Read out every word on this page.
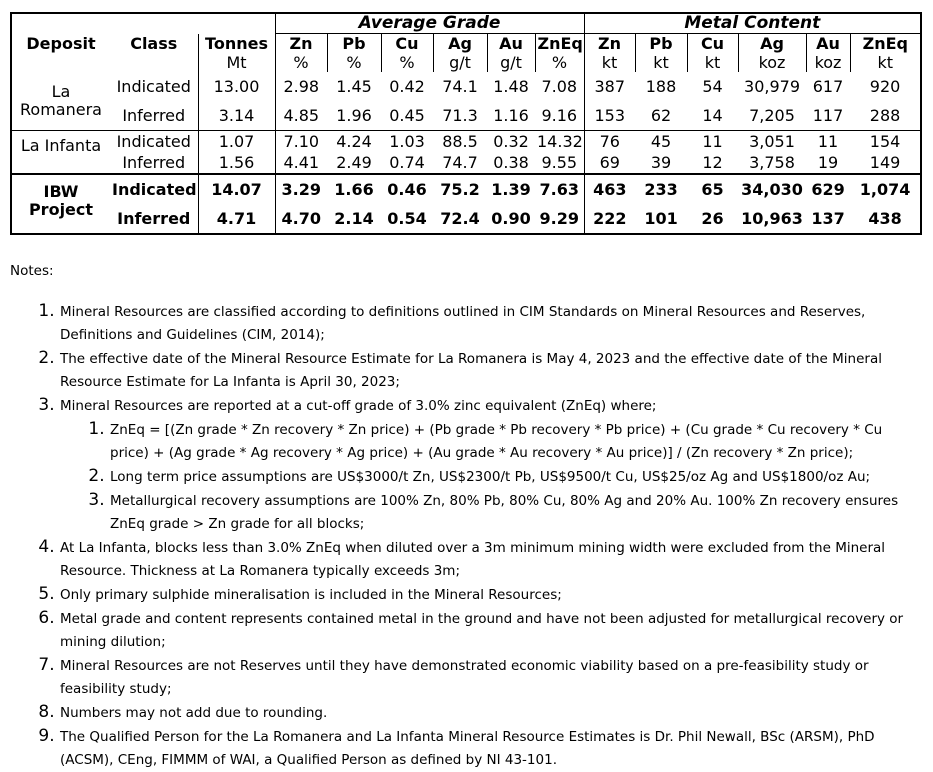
			Average Grade						Metal Content					
Deposit	Class	Tonnes	Zn	Pb	Cu	Ag	Au	ZnEq	Zn	Pb	Cu	Ag	Au	ZnEq
		Mt	%	%	%	g/t	g/t	%	kt	kt	kt	koz	koz	kt
La Romanera	Indicated	13.00	2.98	1.45	0.42	74.1	1.48	7.08	387	188	54	30,979	617	920
	Inferred	3.14	4.85	1.96	0.45	71.3	1.16	9.16	153	62	14	7,205	117	288
La Infanta	Indicated	1.07	7.10	4.24	1.03	88.5	0.32	14.32	76	45	11	3,051	11	154
	Inferred	1.56	4.41	2.49	0.74	74.7	0.38	9.55	69	39	12	3,758	19	149
IBW Project	Indicated	14.07	3.29	1.66	0.46	75.2	1.39	7.63	463	233	65	34,030	629	1,074
	Inferred	4.71	4.70	2.14	0.54	72.4	0.90	9.29	222	101	26	10,963	137	438
Notes:
1. Mineral Resources are classified according to definitions outlined in CIM Standards on Mineral Resources and Reserves, Definitions and Guidelines (CIM, 2014);
2. The effective date of the Mineral Resource Estimate for La Romanera is May 4, 2023 and the effective date of the Mineral Resource Estimate for La Infanta is April 30, 2023;
3. Mineral Resources are reported at a cut-off grade of 3.0% zinc equivalent (ZnEq) where;
1. ZnEq = [(Zn grade * Zn recovery * Zn price) + (Pb grade * Pb recovery * Pb price) + (Cu grade * Cu recovery * Cu price) + (Ag grade * Ag recovery * Ag price) + (Au grade * Au recovery * Au price)] / (Zn recovery * Zn price);
2. Long term price assumptions are US$3000/t Zn, US$2300/t Pb, US$9500/t Cu, US$25/oz Ag and US$1800/oz Au;
3. Metallurgical recovery assumptions are 100% Zn, 80% Pb, 80% Cu, 80% Ag and 20% Au. 100% Zn recovery ensures ZnEq grade > Zn grade for all blocks;
4. At La Infanta, blocks less than 3.0% ZnEq when diluted over a 3m minimum mining width were excluded from the Mineral Resource. Thickness at La Romanera typically exceeds 3m;
5. Only primary sulphide mineralisation is included in the Mineral Resources;
6. Metal grade and content represents contained metal in the ground and have not been adjusted for metallurgical recovery or mining dilution;
7. Mineral Resources are not Reserves until they have demonstrated economic viability based on a pre-feasibility study or feasibility study;
8. Numbers may not add due to rounding.
9. The Qualified Person for the La Romanera and La Infanta Mineral Resource Estimates is Dr. Phil Newall, BSc (ARSM), PhD (ACSM), CEng, FIMMM of WAI, a Qualified Person as defined by NI 43-101.
